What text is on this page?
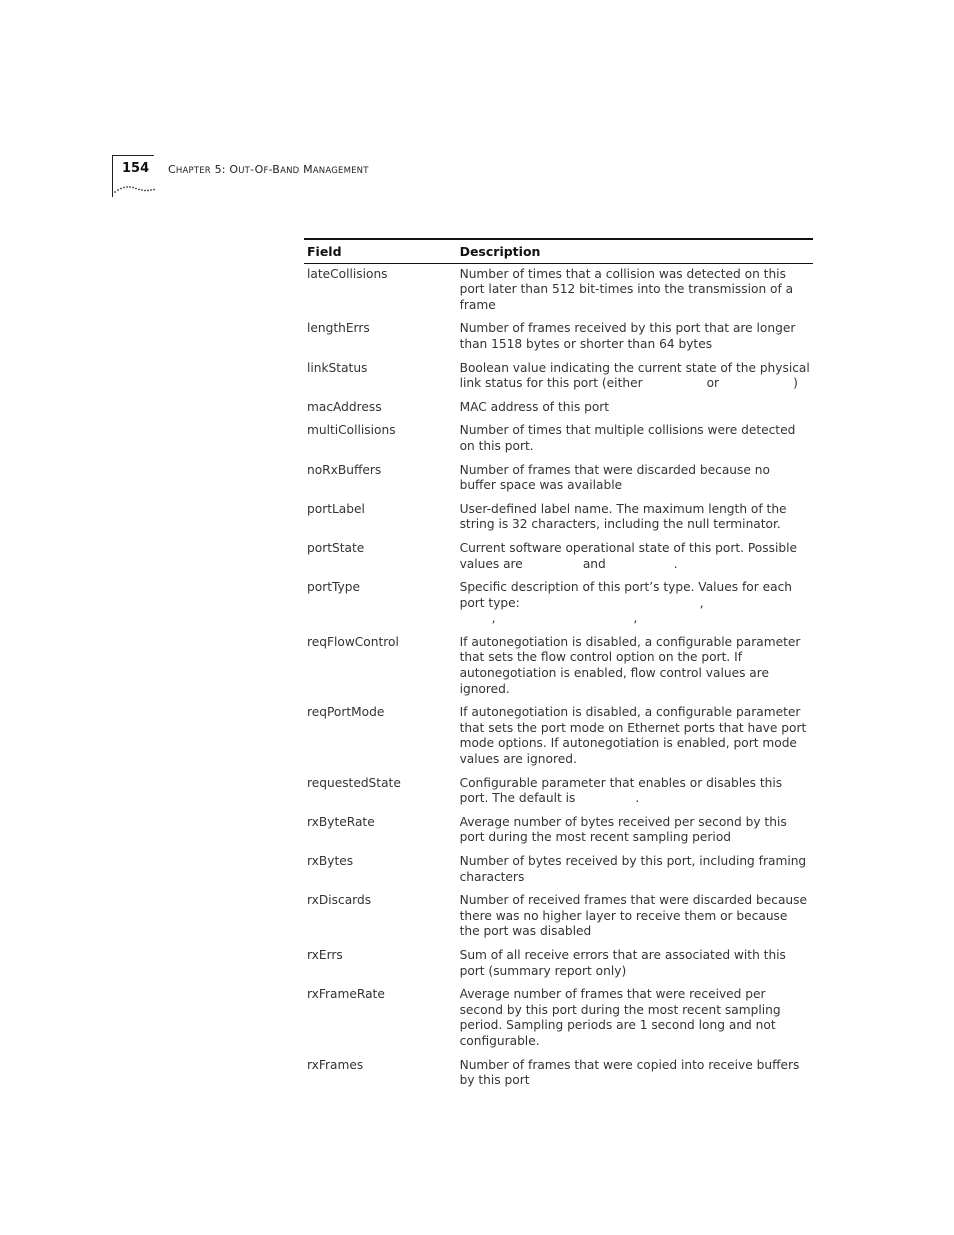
154 CHAPTER 5: OUT-OF-BAND MANAGEMENT
Field	Description
lateCollisions	Number of times that a collision was detected on this port later than 512 bit-times into the transmission of a frame
lengthErrs	Number of frames received by this port that are longer than 1518 bytes or shorter than 64 bytes
linkStatus	Boolean value indicating the current state of the physical link status for this port (either or )
macAddress	MAC address of this port
multiCollisions	Number of times that multiple collisions were detected on this port.
noRxBuffers	Number of frames that were discarded because no buffer space was available
portLabel	User-defined label name. The maximum length of the string is 32 characters, including the null terminator.
portState	Current software operational state of this port. Possible values are and .
portType	Specific description of this port’s type. Values for each port type: ,
, ,
reqFlowControl	If autonegotiation is disabled, a configurable parameter that sets the flow control option on the port. If autonegotiation is enabled, flow control values are ignored.
reqPortMode	If autonegotiation is disabled, a configurable parameter that sets the port mode on Ethernet ports that have port mode options. If autonegotiation is enabled, port mode values are ignored.
requestedState	Configurable parameter that enables or disables this port. The default is .
rxByteRate	Average number of bytes received per second by this port during the most recent sampling period
rxBytes	Number of bytes received by this port, including framing characters
rxDiscards	Number of received frames that were discarded because there was no higher layer to receive them or because the port was disabled
rxErrs	Sum of all receive errors that are associated with this port (summary report only)
rxFrameRate	Average number of frames that were received per second by this port during the most recent sampling period. Sampling periods are 1 second long and not configurable.
rxFrames	Number of frames that were copied into receive buffers by this port
